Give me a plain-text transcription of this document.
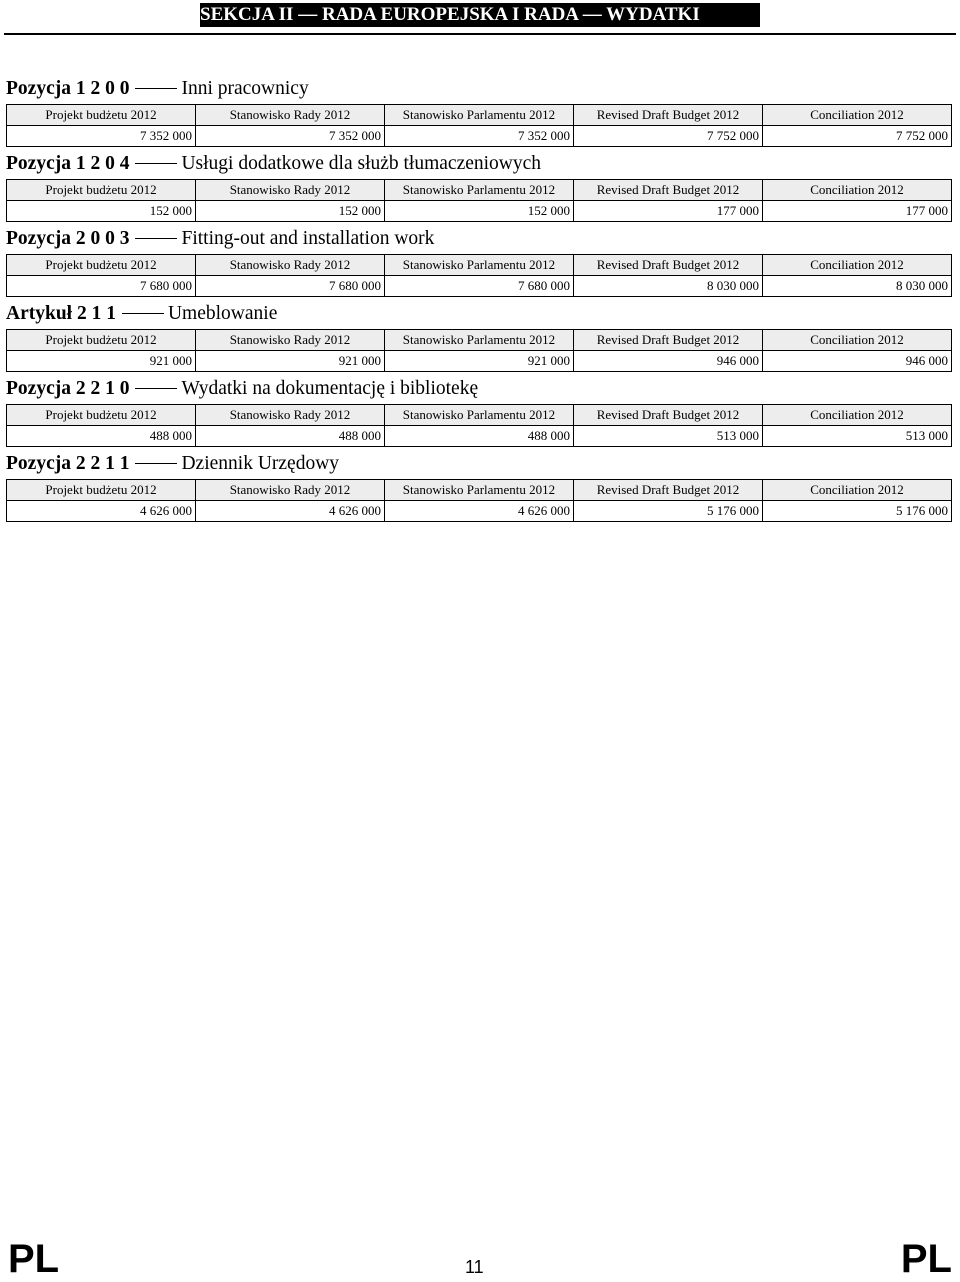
SEKCJA II — RADA EUROPEJSKA I RADA — WYDATKI
Pozycja 1 2 0 0	Inni pracownicy
Projekt budżetu 2012	Stanowisko Rady 2012	Stanowisko Parlamentu 2012	Revised Draft Budget 2012	Conciliation 2012
7 352 000	7 352 000	7 352 000	7 752 000	7 752 000
Pozycja 1 2 0 4	Usługi dodatkowe dla służb tłumaczeniowych
Projekt budżetu 2012	Stanowisko Rady 2012	Stanowisko Parlamentu 2012	Revised Draft Budget 2012	Conciliation 2012
152 000	152 000	152 000	177 000	177 000
Pozycja 2 0 0 3	Fitting-out and installation work
Projekt budżetu 2012	Stanowisko Rady 2012	Stanowisko Parlamentu 2012	Revised Draft Budget 2012	Conciliation 2012
7 680 000	7 680 000	7 680 000	8 030 000	8 030 000
Artykuł 2 1 1	Umeblowanie
Projekt budżetu 2012	Stanowisko Rady 2012	Stanowisko Parlamentu 2012	Revised Draft Budget 2012	Conciliation 2012
921 000	921 000	921 000	946 000	946 000
Pozycja 2 2 1 0	Wydatki na dokumentację i bibliotekę
Projekt budżetu 2012	Stanowisko Rady 2012	Stanowisko Parlamentu 2012	Revised Draft Budget 2012	Conciliation 2012
488 000	488 000	488 000	513 000	513 000
Pozycja 2 2 1 1	Dziennik Urzędowy
Projekt budżetu 2012	Stanowisko Rady 2012	Stanowisko Parlamentu 2012	Revised Draft Budget 2012	Conciliation 2012
4 626 000	4 626 000	4 626 000	5 176 000	5 176 000
PL	11	PL
